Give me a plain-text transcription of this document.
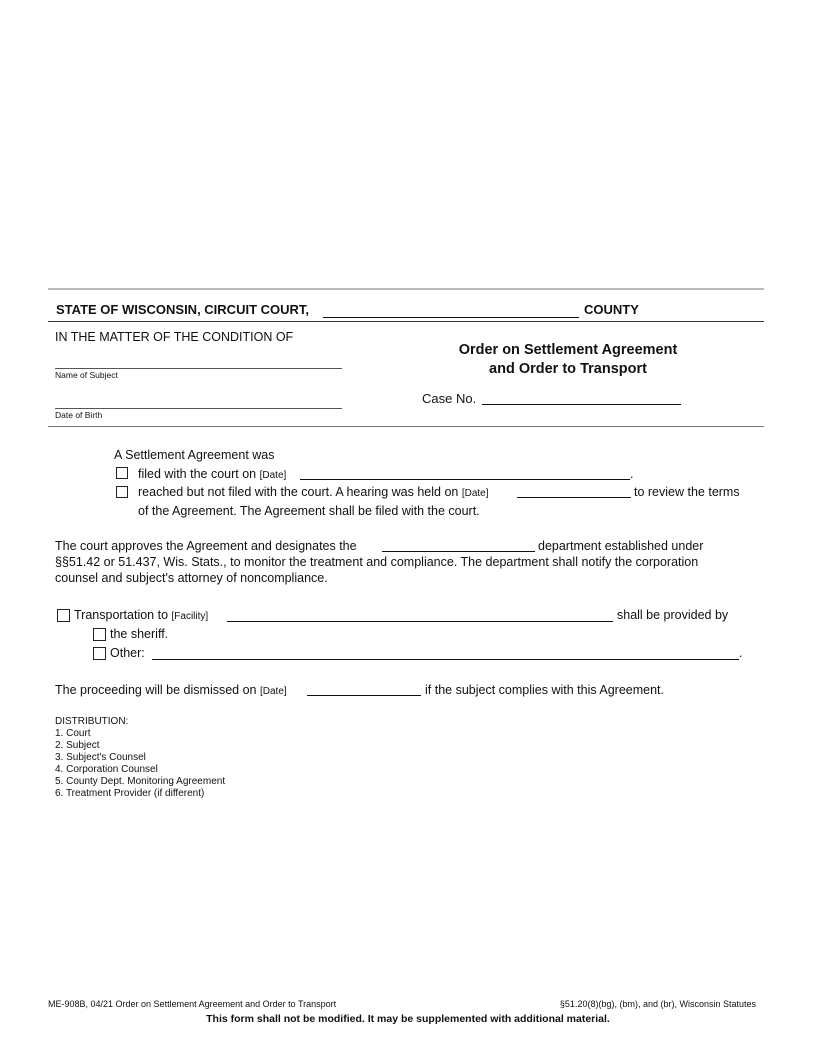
STATE OF WISCONSIN, CIRCUIT COURT,	COUNTY
IN THE MATTER OF THE CONDITION OF
Name of Subject
Date of Birth
Order on Settlement Agreement
and Order to Transport
Case No.
A Settlement Agreement was
filed with the court on [Date]	.
reached but not filed with the court. A hearing was held on [Date]	to review the terms
of the Agreement. The Agreement shall be filed with the court.
The court approves the Agreement and designates the	department established under
§§51.42 or 51.437, Wis. Stats., to monitor the treatment and compliance. The department shall notify the corporation
counsel and subject's attorney of noncompliance.
Transportation to [Facility]	shall be provided by
the sheriff.
Other:	.
The proceeding will be dismissed on [Date]	if the subject complies with this Agreement.
DISTRIBUTION:
1. Court
2. Subject
3. Subject's Counsel
4. Corporation Counsel
5. County Dept. Monitoring Agreement
6. Treatment Provider (if different)
ME-908B, 04/21 Order on Settlement Agreement and Order to Transport	§51.20(8)(bg), (bm), and (br), Wisconsin Statutes
This form shall not be modified. It may be supplemented with additional material.
